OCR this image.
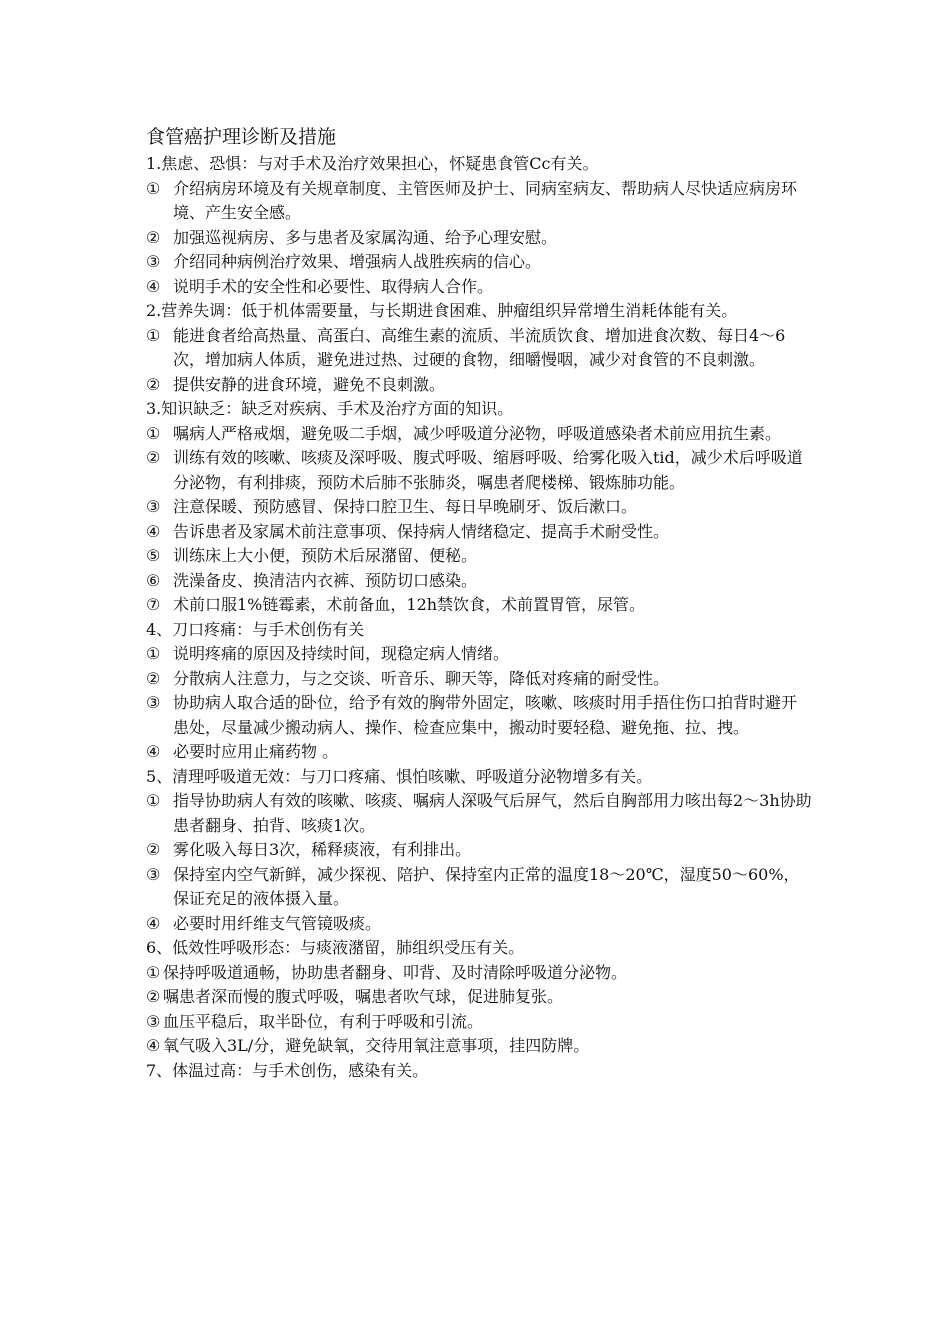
食管癌护理诊断及措施

1.焦虑、恐惧：与对手术及治疗效果担心，怀疑患食管Cc有关。

① 介绍病房环境及有关规章制度、主管医师及护士、同病室病友、帮助病人尽快适应病房环境、产生安全感。

② 加强巡视病房、多与患者及家属沟通、给予心理安慰。

③ 介绍同种病例治疗效果、增强病人战胜疾病的信心。

④ 说明手术的安全性和必要性、取得病人合作。

2.营养失调：低于机体需要量，与长期进食困难、肿瘤组织异常增生消耗体能有关。

① 能进食者给高热量、高蛋白、高维生素的流质、半流质饮食、增加进食次数、每日4～6次，增加病人体质，避免进过热、过硬的食物，细嚼慢咽，减少对食管的不良刺激。

② 提供安静的进食环境，避免不良刺激。

3.知识缺乏：缺乏对疾病、手术及治疗方面的知识。

① 嘱病人严格戒烟，避免吸二手烟，减少呼吸道分泌物，呼吸道感染者术前应用抗生素。

② 训练有效的咳嗽、咳痰及深呼吸、腹式呼吸、缩唇呼吸、给雾化吸入tid，减少术后呼吸道分泌物，有利排痰，预防术后肺不张肺炎，嘱患者爬楼梯、锻炼肺功能。

③ 注意保暖、预防感冒、保持口腔卫生、每日早晚刷牙、饭后漱口。

④ 告诉患者及家属术前注意事项、保持病人情绪稳定、提高手术耐受性。

⑤ 训练床上大小便，预防术后尿潴留、便秘。

⑥ 洗澡备皮、换清洁内衣裤、预防切口感染。

⑦ 术前口服1%链霉素，术前备血，12h禁饮食，术前置胃管，尿管。

4、刀口疼痛：与手术创伤有关

① 说明疼痛的原因及持续时间，现稳定病人情绪。

② 分散病人注意力，与之交谈、听音乐、聊天等，降低对疼痛的耐受性。

③ 协助病人取合适的卧位，给予有效的胸带外固定，咳嗽、咳痰时用手捂住伤口拍背时避开患处，尽量减少搬动病人、操作、检查应集中，搬动时要轻稳、避免拖、拉、拽。

④ 必要时应用止痛药物 。

5、清理呼吸道无效：与刀口疼痛、惧怕咳嗽、呼吸道分泌物增多有关。

① 指导协助病人有效的咳嗽、咳痰、嘱病人深吸气后屏气，然后自胸部用力咳出每2～3h协助患者翻身、拍背、咳痰1次。

② 雾化吸入每日3次，稀释痰液，有利排出。

③ 保持室内空气新鲜，减少探视、陪护、保持室内正常的温度18～20℃，湿度50～60%，保证充足的液体摄入量。

④ 必要时用纤维支气管镜吸痰。

6、低效性呼吸形态：与痰液潴留，肺组织受压有关。

① 保持呼吸道通畅，协助患者翻身、叩背、及时清除呼吸道分泌物。

② 嘱患者深而慢的腹式呼吸，嘱患者吹气球，促进肺复张。

③ 血压平稳后，取半卧位，有利于呼吸和引流。

④ 氧气吸入3L/分，避免缺氧，交待用氧注意事项，挂四防牌。

7、体温过高：与手术创伤，感染有关。
